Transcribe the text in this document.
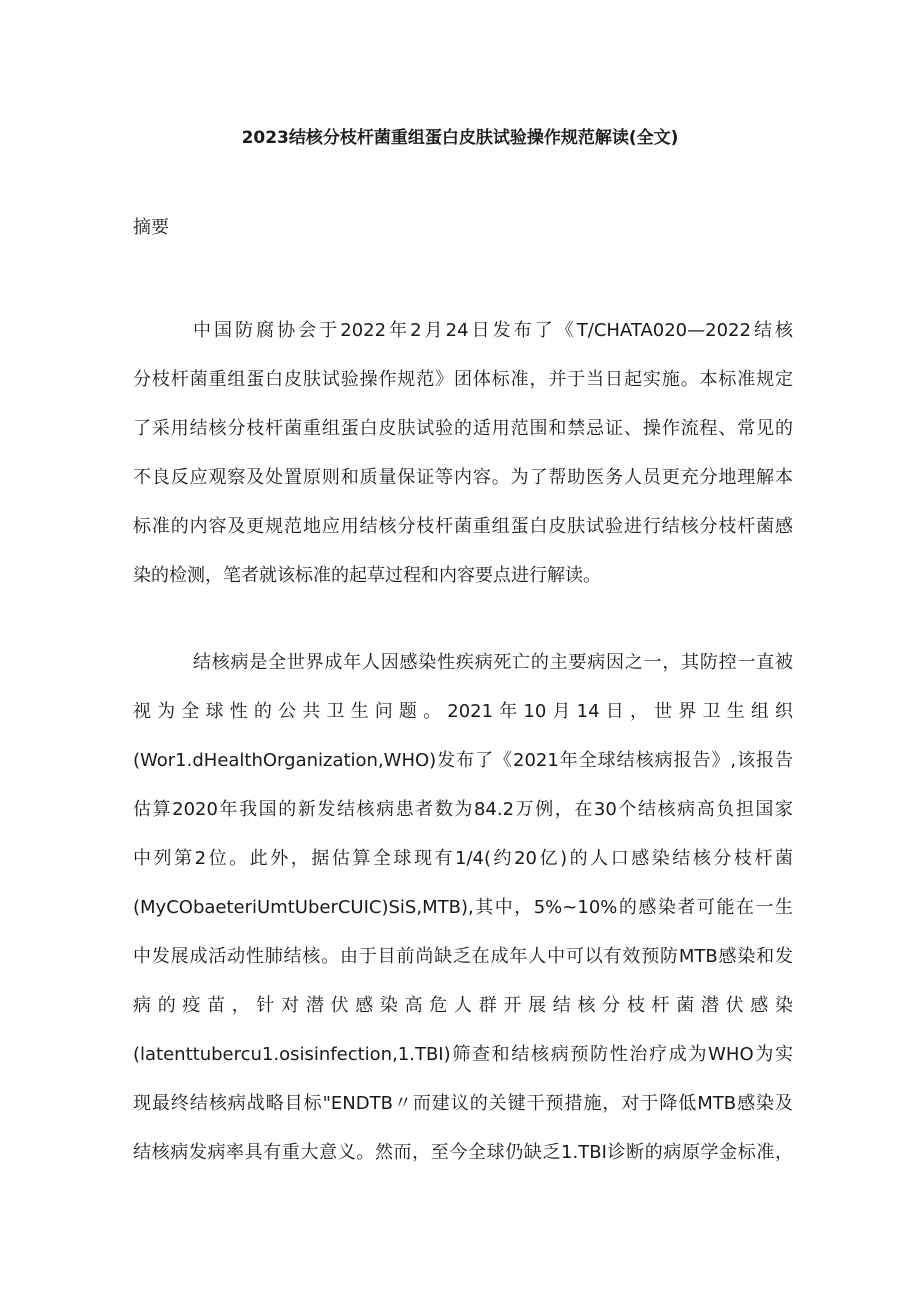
2023结核分枝杆菌重组蛋白皮肤试验操作规范解读(全文)
摘要
中国防腐协会于2022年2月24日发布了《T/CHATA020—2022结核
分枝杆菌重组蛋白皮肤试验操作规范》团体标准，并于当日起实施。本标准规定
了采用结核分枝杆菌重组蛋白皮肤试验的适用范围和禁忌证、操作流程、常见的
不良反应观察及处置原则和质量保证等内容。为了帮助医务人员更充分地理解本
标准的内容及更规范地应用结核分枝杆菌重组蛋白皮肤试验进行结核分枝杆菌感
染的检测，笔者就该标准的起草过程和内容要点进行解读。
结核病是全世界成年人因感染性疾病死亡的主要病因之一，其防控一直被
视为全球性的公共卫生问题。2021年10月14日，世界卫生组织
(Wor1.dHealthOrganization,WHO)发布了《2021年全球结核病报告》,该报告
估算2020年我国的新发结核病患者数为84.2万例，在30个结核病高负担国家
中列第2位。此外，据估算全球现有1/4(约20亿)的人口感染结核分枝杆菌
(MyCObaeteriUmtUberCUIC)SiS,MTB),其中，5%~10%的感染者可能在一生
中发展成活动性肺结核。由于目前尚缺乏在成年人中可以有效预防MTB感染和发
病的疫苗，针对潜伏感染高危人群开展结核分枝杆菌潜伏感染
(latenttubercu1.osisinfection,1.TBI)筛查和结核病预防性治疗成为WHO为实
现最终结核病战略目标"ENDTB〃而建议的关键干预措施，对于降低MTB感染及
结核病发病率具有重大意义。然而，至今全球仍缺乏1.TBI诊断的病原学金标准，
